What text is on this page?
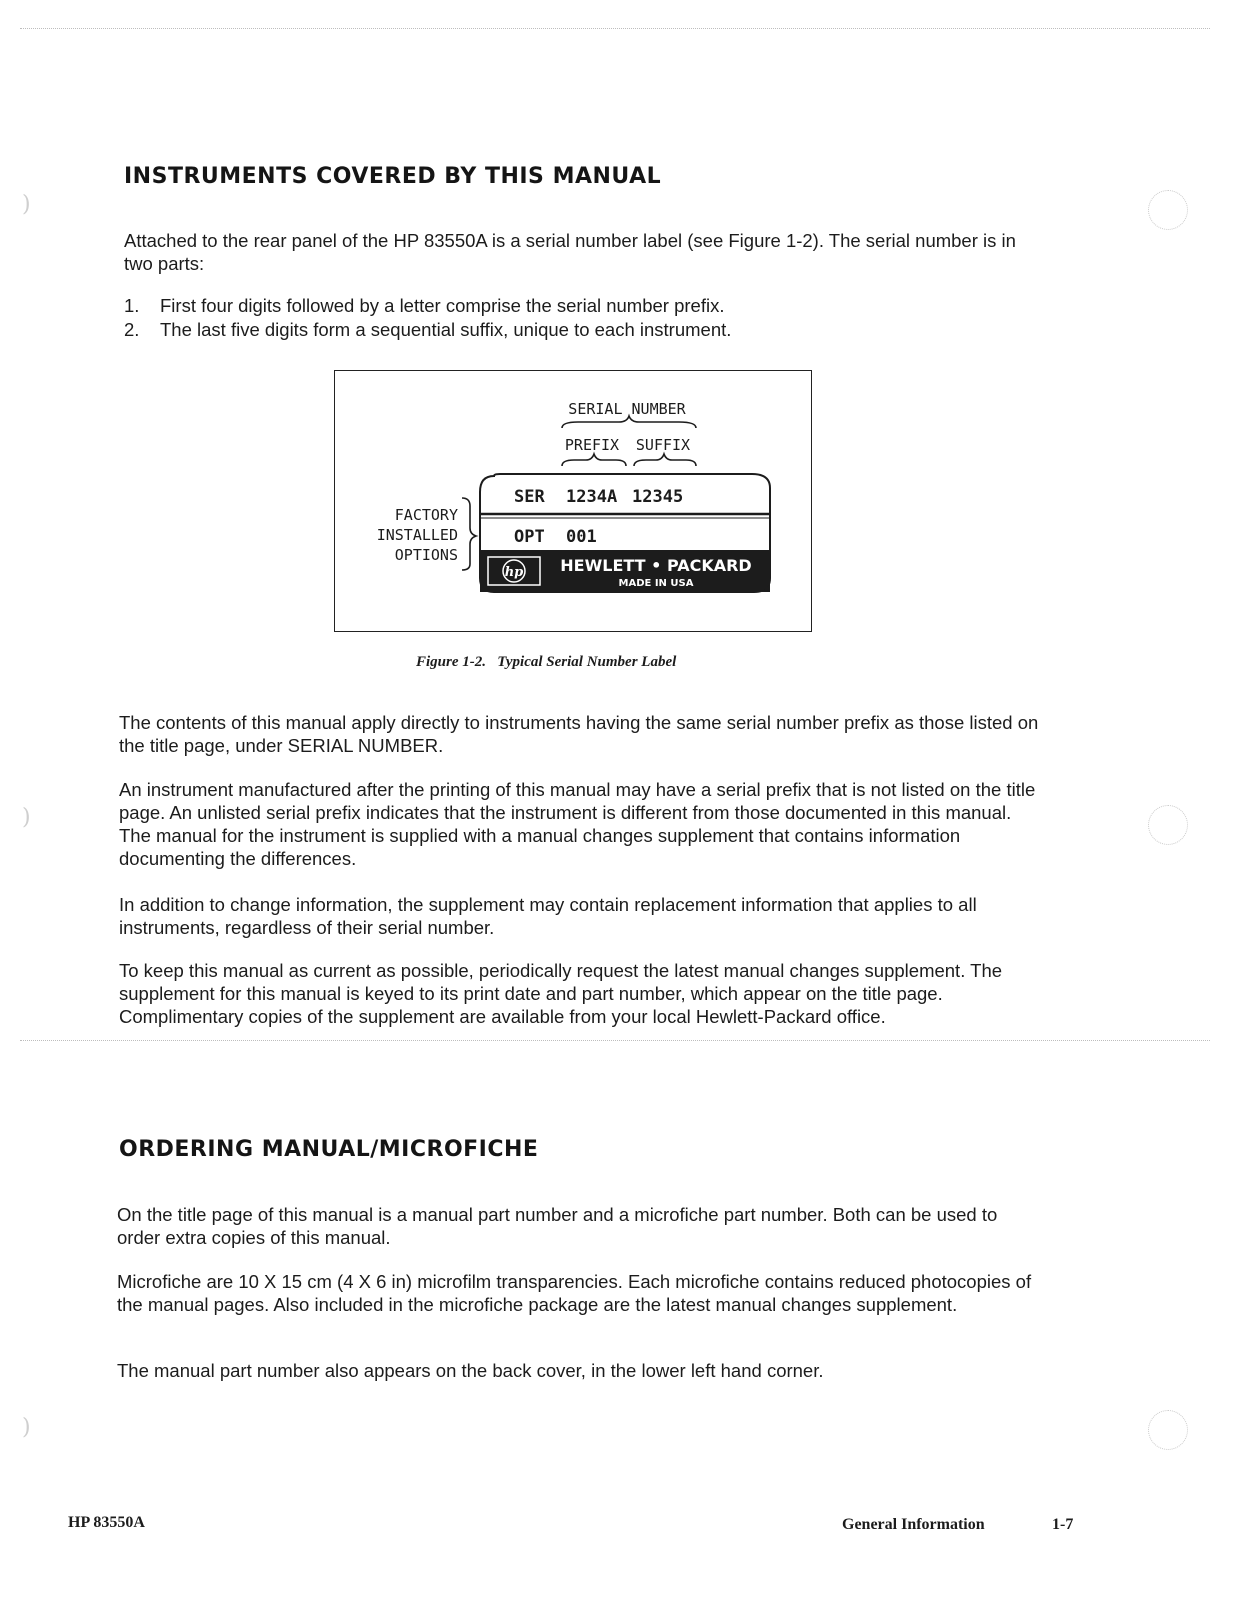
)
)
)
INSTRUMENTS COVERED BY THIS MANUAL

Attached to the rear panel of the HP 83550A is a serial number label (see Figure 1-2). The serial number is in two parts:

1. First four digits followed by a letter comprise the serial number prefix.
2. The last five digits form a sequential suffix, unique to each instrument.
SERIAL NUMBER
PREFIX SUFFIX
FACTORY
INSTALLED
OPTIONS
SER 1234A 12345
OPT 001
hp HEWLETT • PACKARD
MADE IN USA
Figure 1-2. Typical Serial Number Label

The contents of this manual apply directly to instruments having the same serial number prefix as those listed on the title page, under SERIAL NUMBER.

An instrument manufactured after the printing of this manual may have a serial prefix that is not listed on the title page. An unlisted serial prefix indicates that the instrument is different from those documented in this manual. The manual for the instrument is supplied with a manual changes supplement that contains information documenting the differences.

In addition to change information, the supplement may contain replacement information that applies to all instruments, regardless of their serial number.

To keep this manual as current as possible, periodically request the latest manual changes supplement. The supplement for this manual is keyed to its print date and part number, which appear on the title page. Complimentary copies of the supplement are available from your local Hewlett-Packard office.

ORDERING MANUAL/MICROFICHE

On the title page of this manual is a manual part number and a microfiche part number. Both can be used to order extra copies of this manual.

Microfiche are 10 X 15 cm (4 X 6 in) microfilm transparencies. Each microfiche contains reduced photocopies of the manual pages. Also included in the microfiche package are the latest manual changes supplement.

The manual part number also appears on the back cover, in the lower left hand corner.

HP 83550A	General Information	1-7
